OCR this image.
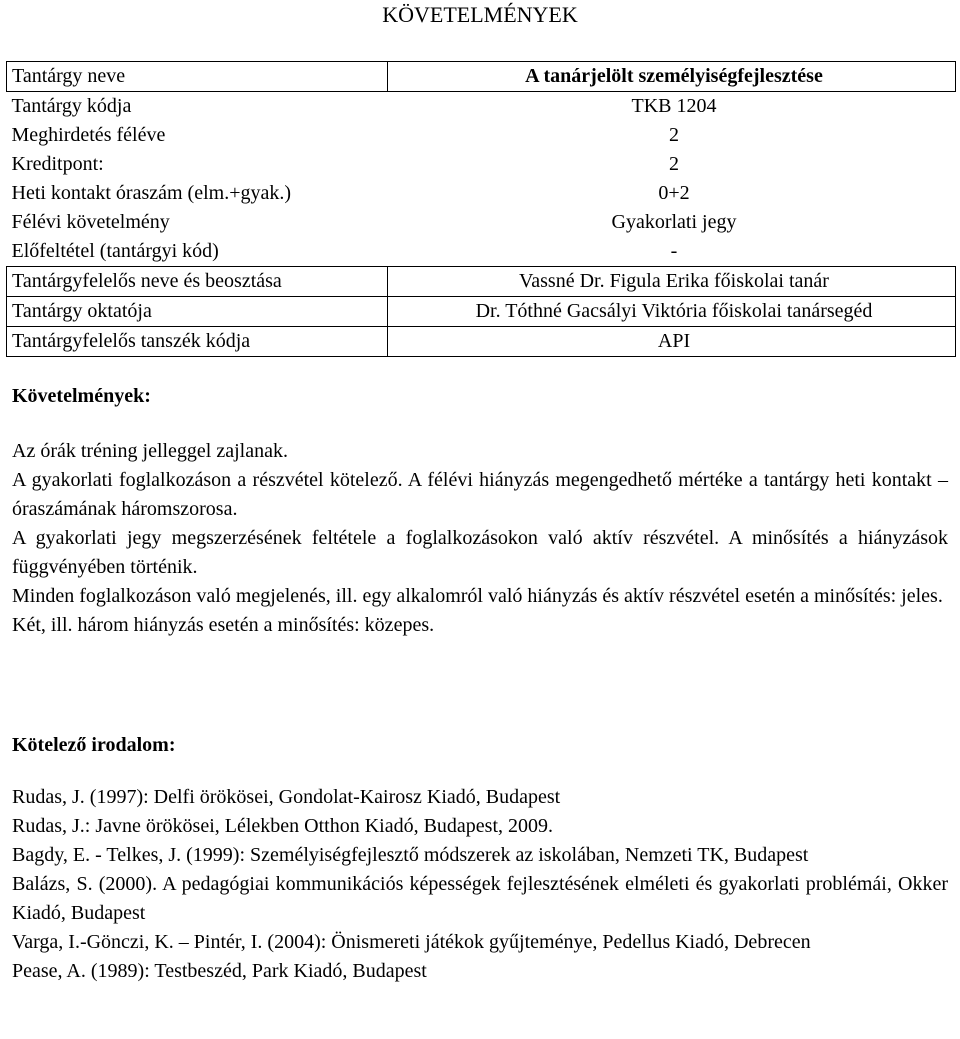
KÖVETELMÉNYEK
Tantárgy neve	A tanárjelölt személyiségfejlesztése
Tantárgy kódja	TKB 1204
Meghirdetés féléve	2
Kreditpont:	2
Heti kontakt óraszám (elm.+gyak.)	0+2
Félévi követelmény	Gyakorlati jegy
Előfeltétel (tantárgyi kód)	-
Tantárgyfelelős neve és beosztása	Vassné Dr. Figula Erika főiskolai tanár
Tantárgy oktatója	Dr. Tóthné Gacsályi Viktória főiskolai tanársegéd
Tantárgyfelelős tanszék kódja	API
Követelmények:
Az órák tréning jelleggel zajlanak.
A gyakorlati foglalkozáson a részvétel kötelező. A félévi hiányzás megengedhető mértéke a tantárgy heti kontakt – óraszámának háromszorosa.
A gyakorlati jegy megszerzésének feltétele a foglalkozásokon való aktív részvétel. A minősítés a hiányzások függvényében történik.
Minden foglalkozáson való megjelenés, ill. egy alkalomról való hiányzás és aktív részvétel esetén a minősítés: jeles.
Két, ill. három hiányzás esetén a minősítés: közepes.
Kötelező irodalom:
Rudas, J. (1997): Delfi örökösei, Gondolat-Kairosz Kiadó, Budapest
Rudas, J.: Javne örökösei, Lélekben Otthon Kiadó, Budapest, 2009.
Bagdy, E. - Telkes, J. (1999): Személyiségfejlesztő módszerek az iskolában, Nemzeti TK, Budapest
Balázs, S. (2000). A pedagógiai kommunikációs képességek fejlesztésének elméleti és gyakorlati problémái, Okker Kiadó, Budapest
Varga, I.-Gönczi, K. – Pintér, I. (2004): Önismereti játékok gyűjteménye, Pedellus Kiadó, Debrecen
Pease, A. (1989): Testbeszéd, Park Kiadó, Budapest
